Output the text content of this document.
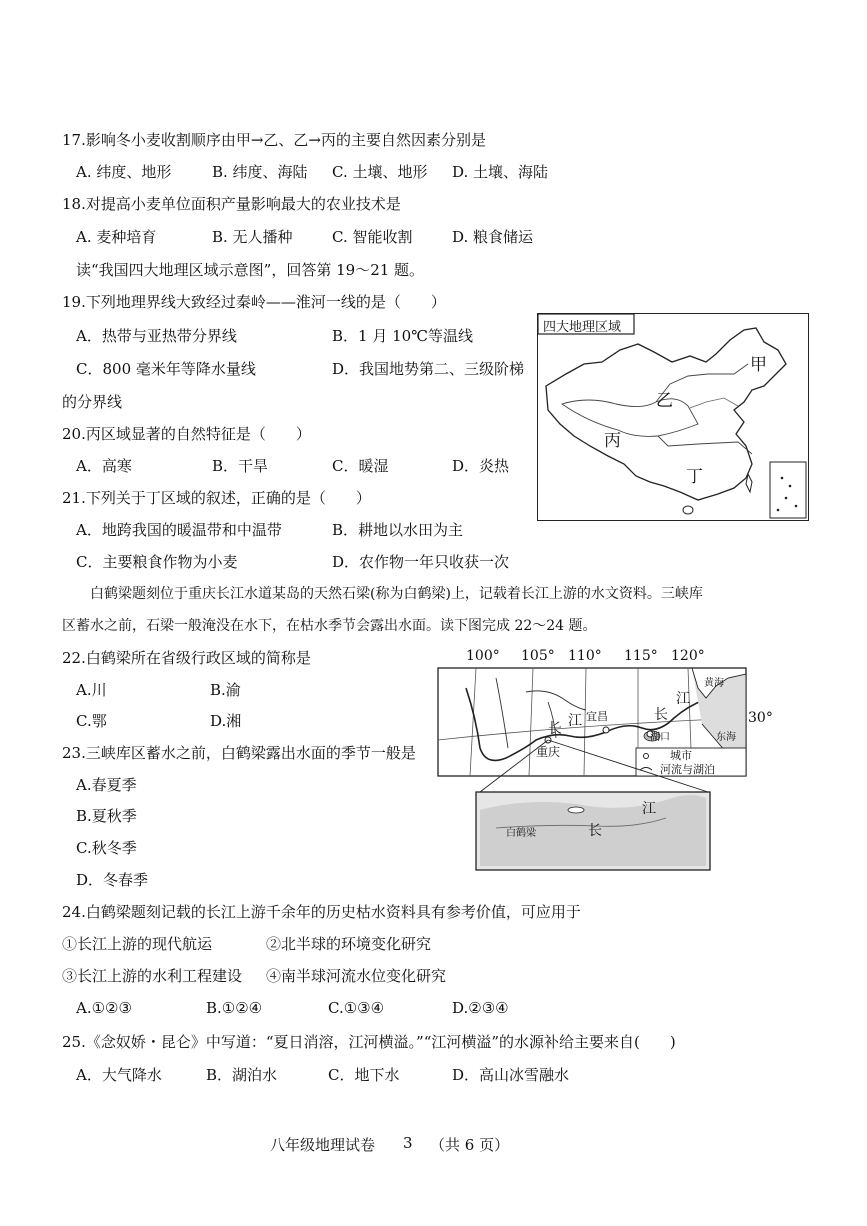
17.影响冬小麦收割顺序由甲→乙、乙→丙的主要自然因素分别是
A. 纬度、地形	B. 纬度、海陆 C. 土壤、地形 D. 土壤、海陆
18.对提高小麦单位面积产量影响最大的农业技术是
A. 麦种培育	B. 无人播种	C. 智能收割	D. 粮食储运
读“我国四大地理区域示意图”，回答第 19～21 题。
19.下列地理界线大致经过秦岭——淮河一线的是（　　）
A．热带与亚热带分界线	B．1 月 10℃等温线
C．800 毫米年等降水量线	D．我国地势第二、三级阶梯
的分界线
四大地理区域
甲
乙
丙
丁
20.丙区域显著的自然特征是（　　）
A．高寒	B．干旱	C．暖湿	D．炎热
21.下列关于丁区域的叙述，正确的是（　　）
A．地跨我国的暖温带和中温带	B．耕地以水田为主
C．主要粮食作物为小麦	D．农作物一年只收获一次
白鹤梁题刻位于重庆长江水道某岛的天然石梁(称为白鹤梁)上，记载着长江上游的水文资料。三峡库
区蓄水之前，石梁一般淹没在水下，在枯水季节会露出水面。读下图完成 22～24 题。
22.白鹤梁所在省级行政区域的简称是
A.川	B.渝
C.鄂	D.湘
100° 105° 110° 115° 120°
长 江 宜昌	长
江
重庆
湖口
黄海
东海
30°
城市
河流与湖泊
白鹤梁	长
江
23.三峡库区蓄水之前，白鹤梁露出水面的季节一般是
A.春夏季
B.夏秋季
C.秋冬季
D．冬春季
24.白鹤梁题刻记载的长江上游千余年的历史枯水资料具有参考价值，可应用于
①长江上游的现代航运	②北半球的环境变化研究
③长江上游的水利工程建设 ④南半球河流水位变化研究
A.①②③	B.①②④	C.①③④	D.②③④
25.《念奴娇・昆仑》中写道：“夏日消溶，江河横溢。”“江河横溢”的水源补给主要来自(　　)
A．大气降水	B．湖泊水	C．地下水	D．高山冰雪融水
八年级地理试卷 3 （共 6 页）
